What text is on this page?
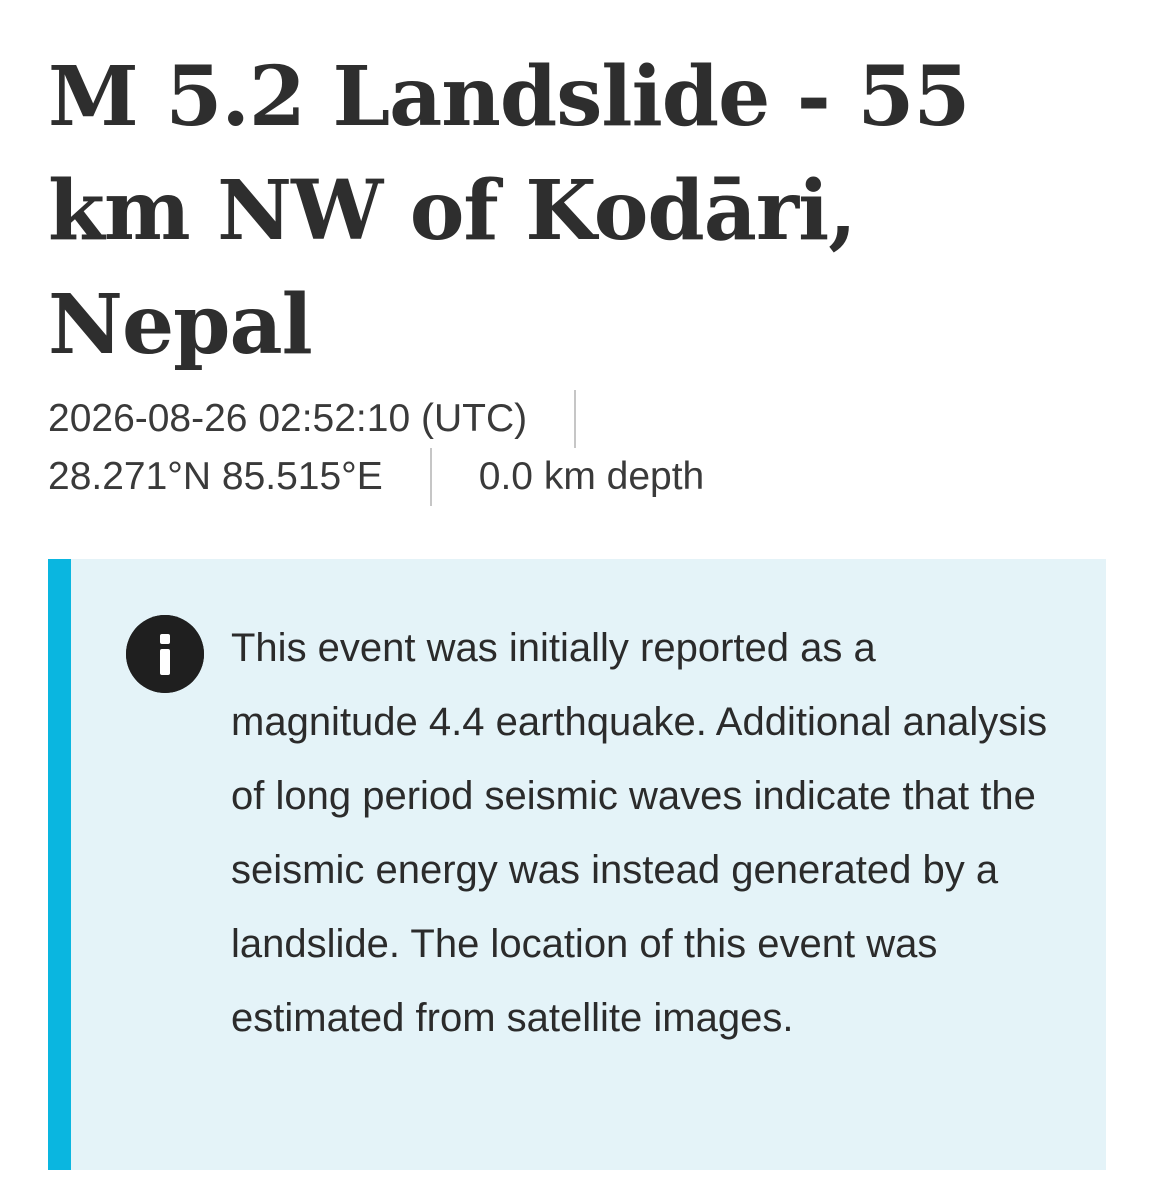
M 5.2 Landslide - 55 km NW of Kodāri, Nepal
2026-08-26 02:52:10 (UTC)
28.271°N 85.515°E 0.0 km depth

This event was initially reported as a magnitude 4.4 earthquake. Additional analysis of long period seismic waves indicate that the seismic energy was instead generated by a landslide. The location of this event was estimated from satellite images.
